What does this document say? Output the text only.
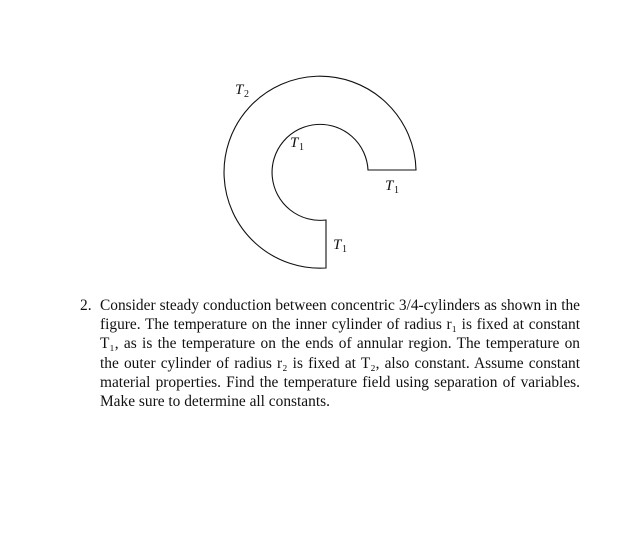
T 2
T 1
T 1
T 1
2. Consider steady conduction between concentric 3/4-cylinders as shown in the figure. The temperature on the inner cylinder of radius r₁ is fixed at constant T₁, as is the temperature on the ends of annular region. The temperature on the outer cylinder of radius r₂ is fixed at T₂, also constant. Assume constant material properties. Find the temperature field using separation of variables. Make sure to determine all constants.
